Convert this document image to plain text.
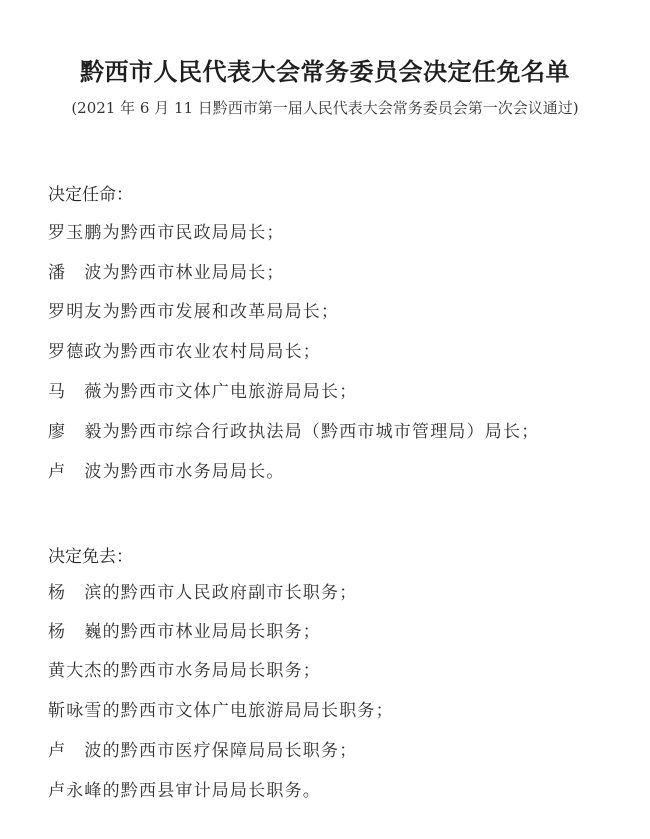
黔西市人民代表大会常务委员会决定任免名单
(2021 年 6 月 11 日黔西市第一届人民代表大会常务委员会第一次会议通过)
决定任命：
罗玉鹏为黔西市民政局局长；
潘　波为黔西市林业局局长；
罗明友为黔西市发展和改革局局长；
罗德政为黔西市农业农村局局长；
马　薇为黔西市文体广电旅游局局长；
廖　毅为黔西市综合行政执法局（黔西市城市管理局）局长；
卢　波为黔西市水务局局长。
决定免去：
杨　滨的黔西市人民政府副市长职务；
杨　巍的黔西市林业局局长职务；
黄大杰的黔西市水务局局长职务；
靳咏雪的黔西市文体广电旅游局局长职务；
卢　波的黔西市医疗保障局局长职务；
卢永峰的黔西县审计局局长职务。
